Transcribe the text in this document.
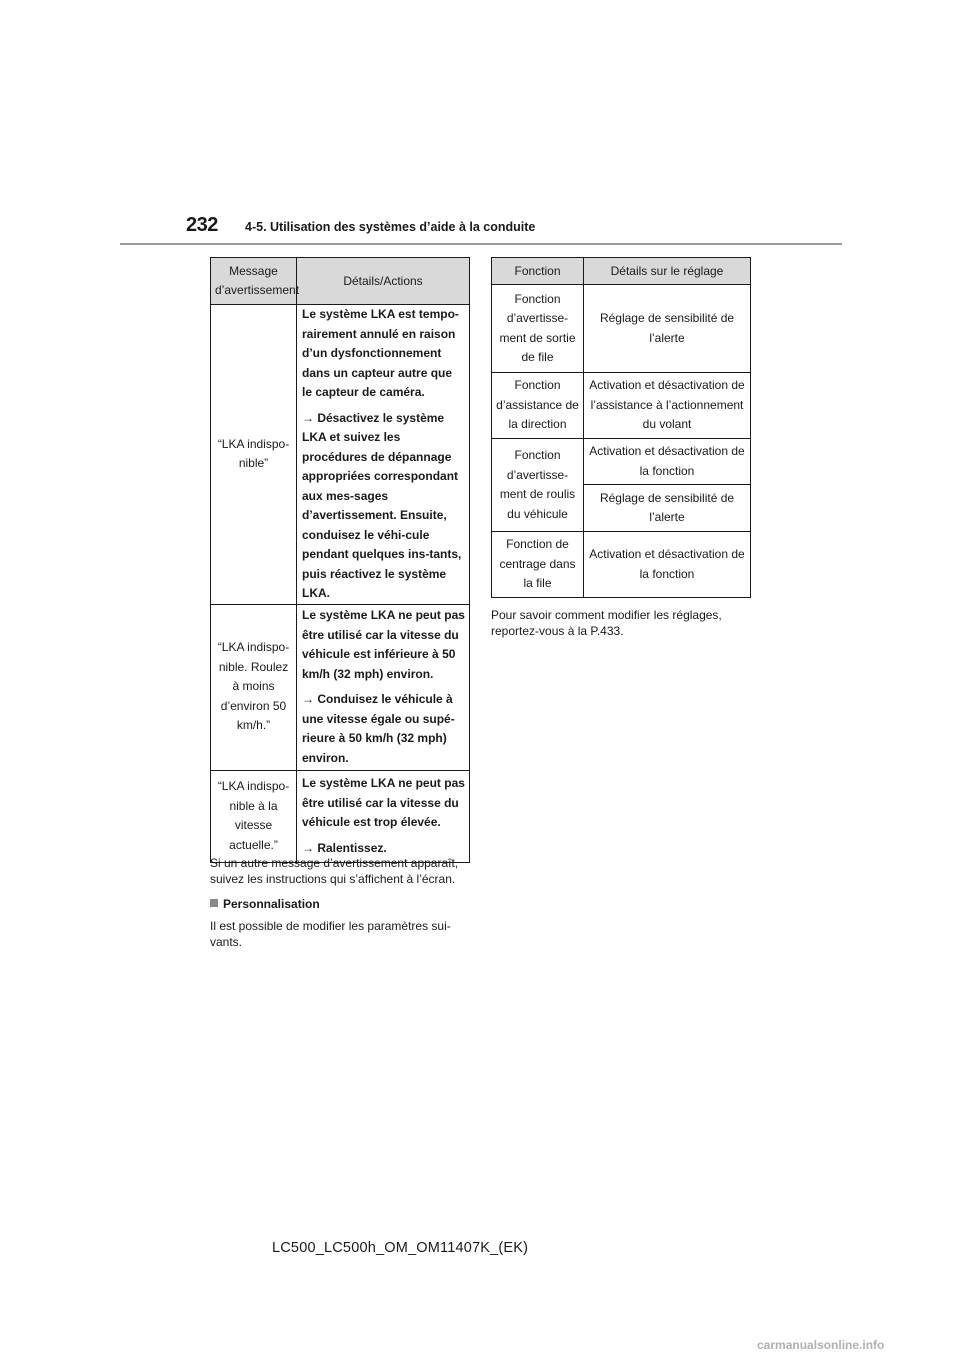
232 4-5. Utilisation des systèmes d’aide à la conduite
Message d’avertissement	Détails/Actions
“LKA indispo-nible”	Le système LKA est tempo-rairement annulé en raison d’un dysfonctionnement dans un capteur autre que le capteur de caméra.

→ Désactivez le système LKA et suivez les procédures de dépannage appropriées correspondant aux mes-sages d’avertissement. Ensuite, conduisez le véhi-cule pendant quelques ins-tants, puis réactivez le système LKA.

“LKA indispo-nible. Roulez à moins d’environ 50 km/h.”	Le système LKA ne peut pas être utilisé car la vitesse du véhicule est inférieure à 50 km/h (32 mph) environ.

→ Conduisez le véhicule à une vitesse égale ou supé-rieure à 50 km/h (32 mph) environ.

“LKA indispo-nible à la vitesse actuelle.”	Le système LKA ne peut pas être utilisé car la vitesse du véhicule est trop élevée.

→ Ralentissez.

Si un autre message d’avertissement apparaît, suivez les instructions qui s’affichent à l’écran.

Personnalisation

Il est possible de modifier les paramètres sui-vants.

Fonction	Détails sur le réglage
Fonction d’avertisse-ment de sortie de file	Réglage de sensibilité de l’alerte
Fonction d’assistance de la direction	Activation et désactivation de l’assistance à l’actionnement du volant
Fonction d’avertisse-ment de roulis du véhicule	Activation et désactivation de la fonction
	Réglage de sensibilité de l’alerte
Fonction de centrage dans la file	Activation et désactivation de la fonction

Pour savoir comment modifier les réglages, reportez-vous à la P.433.

LC500_LC500h_OM_OM11407K_(EK)
carmanualsonline.info
